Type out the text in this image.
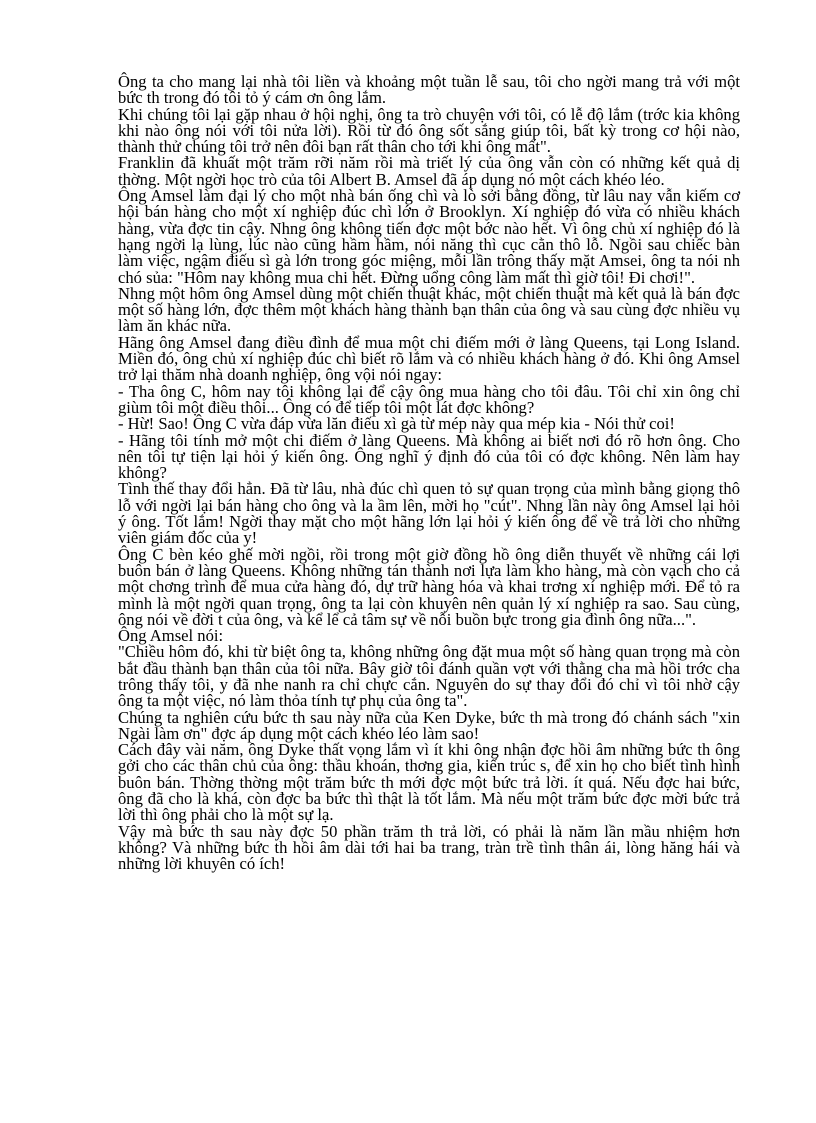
Ông ta cho mang lại nhà tôi liền và khoảng một tuần lễ sau, tôi cho ngời mang trả với một bức th trong đó tôi tỏ ý cám ơn ông lắm.

Khi chúng tôi lại gặp nhau ở hội nghị, ông ta trò chuyện với tôi, có lễ độ lắm (trớc kia không khi nào ông nói với tôi nửa lời). Rồi từ đó ông sốt sắng giúp tôi, bất kỳ trong cơ hội nào, thành thử chúng tôi trở nên đôi bạn rất thân cho tới khi ông mất".

Franklin đã khuất một trăm rỡi năm rồi mà triết lý của ông vẫn còn có những kết quả dị thờng. Một ngời học trò của tôi Albert B. Amsel đã áp dụng nó một cách khéo léo.

Ông Amsel làm đại lý cho một nhà bán ống chì và lò sởi bằng đồng, từ lâu nay vẫn kiếm cơ hội bán hàng cho một xí nghiệp đúc chì lớn ở Brooklyn. Xí nghiệp đó vừa có nhiều khách hàng, vừa đợc tin cậy. Nhng ông không tiến đợc một bớc nào hết. Vì ông chủ xí nghiệp đó là hạng ngời lạ lùng, lúc nào cũng hầm hầm, nói năng thì cục cằn thô lỗ. Ngồi sau chiếc bàn làm việc, ngậm điếu sì gà lớn trong góc miệng, mỗi lần trông thấy mặt Amsei, ông ta nói nh chó sủa: "Hôm nay không mua chi hết. Đừng uổng công làm mất thì giờ tôi! Đi chơi!".

Nhng một hôm ông Amsel dùng một chiến thuật khác, một chiến thuật mà kết quả là bán đợc một số hàng lớn, đợc thêm một khách hàng thành bạn thân của ông và sau cùng đợc nhiều vụ làm ăn khác nữa.

Hãng ông Amsel đang điều đình để mua một chi điếm mới ở làng Queens, tại Long Island. Miền đó, ông chủ xí nghiệp đúc chì biết rõ lắm và có nhiều khách hàng ở đó. Khi ông Amsel trở lại thăm nhà doanh nghiệp, ông vội nói ngay:

- Tha ông C, hôm nay tôi không lại để cậy ông mua hàng cho tôi đâu. Tôi chỉ xin ông chỉ giùm tôi một điều thôi... Ông có để tiếp tôi một lát đợc không?

- Hừ! Sao! Ông C vừa đáp vừa lăn điếu xì gà từ mép này qua mép kia - Nói thử coi!

- Hãng tôi tính mở một chi điếm ở làng Queens. Mà không ai biết nơi đó rõ hơn ông. Cho nên tôi tự tiện lại hỏi ý kiến ông. Ông nghĩ ý định đó của tôi có đợc không. Nên làm hay không?

Tình thế thay đổi hẳn. Đã từ lâu, nhà đúc chì quen tỏ sự quan trọng của mình bằng giọng thô lỗ với ngời lại bán hàng cho ông và la ầm lên, mời họ "cút". Nhng lần này ông Amsel lại hỏi ý ông. Tốt lắm! Ngời thay mặt cho một hãng lớn lại hỏi ý kiến ông để về trả lời cho những viên giám đốc của y!

Ông C bèn kéo ghế mời ngồi, rồi trong một giờ đồng hồ ông diễn thuyết về những cái lợi buôn bán ở làng Queens. Không những tán thành nơi lựa làm kho hàng, mà còn vạch cho cả một chơng trình để mua cửa hàng đó, dự trữ hàng hóa và khai trơng xí nghiệp mới. Để tỏ ra mình là một ngời quan trọng, ông ta lại còn khuyên nên quản lý xí nghiệp ra sao. Sau cùng, ông nói về đời t của ông, và kể lể cả tâm sự về nỗi buồn bực trong gia đình ông nữa...".

Ông Amsel nói:

"Chiều hôm đó, khi từ biệt ông ta, không những ông đặt mua một số hàng quan trọng mà còn bắt đầu thành bạn thân của tôi nữa. Bây giờ tôi đánh quần vợt với thằng cha mà hồi trớc cha trông thấy tôi, y đã nhe nanh ra chỉ chực cắn. Nguyên do sự thay đổi đó chỉ vì tôi nhờ cậy ông ta một việc, nó làm thỏa tính tự phụ của ông ta".

Chúng ta nghiên cứu bức th sau này nữa của Ken Dyke, bức th mà trong đó chánh sách "xin Ngài làm ơn" đợc áp dụng một cách khéo léo làm sao!

Cách đây vài năm, ông Dyke thất vọng lắm vì ít khi ông nhận đợc hồi âm những bức th ông gởi cho các thân chủ của ông: thầu khoán, thơng gia, kiến trúc s, để xin họ cho biết tình hình buôn bán. Thờng thờng một trăm bức th mới đợc một bức trả lời. ít quá. Nếu đợc hai bức, ông đã cho là khá, còn đợc ba bức thì thật là tốt lắm. Mà nếu một trăm bức đợc mời bức trả lời thì ông phải cho là một sự lạ.

Vậy mà bức th sau này đợc 50 phần trăm th trả lời, có phải là năm lần mầu nhiệm hơn không? Và những bức th hồi âm dài tới hai ba trang, tràn trề tình thân ái, lòng hăng hái và những lời khuyên có ích!
